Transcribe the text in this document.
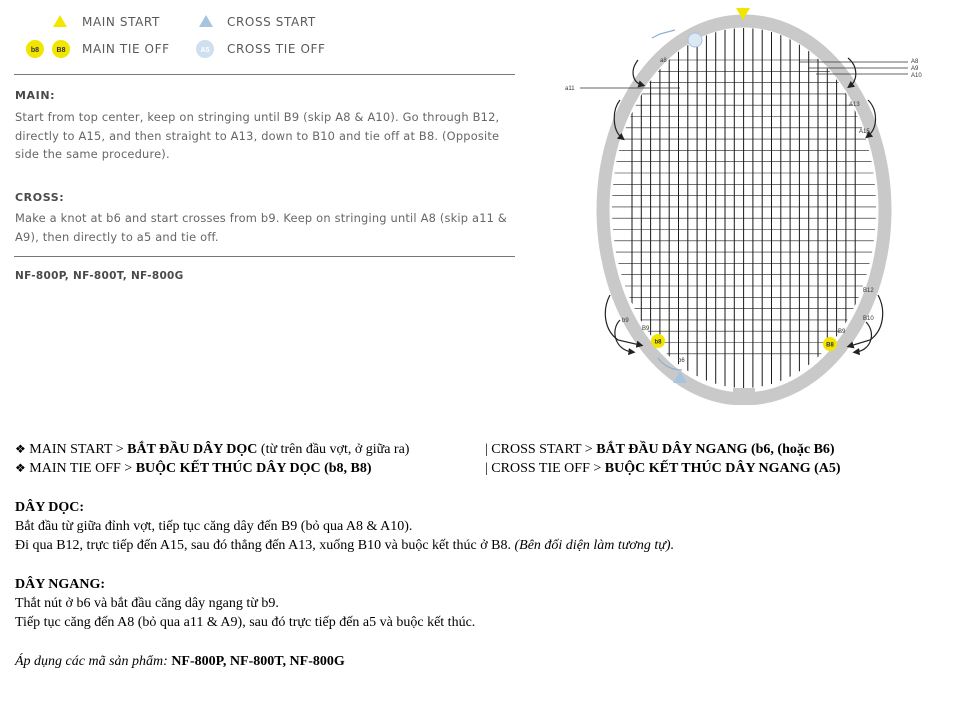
MAIN START	CROSS START
b8 B8 MAIN TIE OFF	A5 CROSS TIE OFF
MAIN:
Start from top center, keep on stringing until B9 (skip A8 & A10). Go through B12, directly to A15, and then straight to A13, down to B10 and tie off at B8. (Opposite side the same procedure).
CROSS:
Make a knot at b6 and start crosses from b9. Keep on stringing until A8 (skip a11 & A9), then directly to a5 and tie off.
NF-800P, NF-800T, NF-800G
a8
a11
A8
A9
A10
A13
A15
B12
B10
B9
B9
b9
b6
b8	B8
❖ MAIN START > BẮT ĐẦU DÂY DỌC (từ trên đầu vợt, ở giữa ra)	| CROSS START > BẮT ĐẦU DÂY NGANG (b6, (hoặc B6)
❖ MAIN TIE OFF > BUỘC KẾT THÚC DÂY DỌC (b8, B8)	| CROSS TIE OFF > BUỘC KẾT THÚC DÂY NGANG (A5)
DÂY DỌC:
Bắt đầu từ giữa đỉnh vợt, tiếp tục căng dây đến B9 (bỏ qua A8 & A10).
Đi qua B12, trực tiếp đến A15, sau đó thẳng đến A13, xuống B10 và buộc kết thúc ở B8. (Bên đối diện làm tương tự).
DÂY NGANG:
Thắt nút ở b6 và bắt đầu căng dây ngang từ b9.
Tiếp tục căng đến A8 (bỏ qua a11 & A9), sau đó trực tiếp đến a5 và buộc kết thúc.
Áp dụng các mã sản phẩm: NF-800P, NF-800T, NF-800G
